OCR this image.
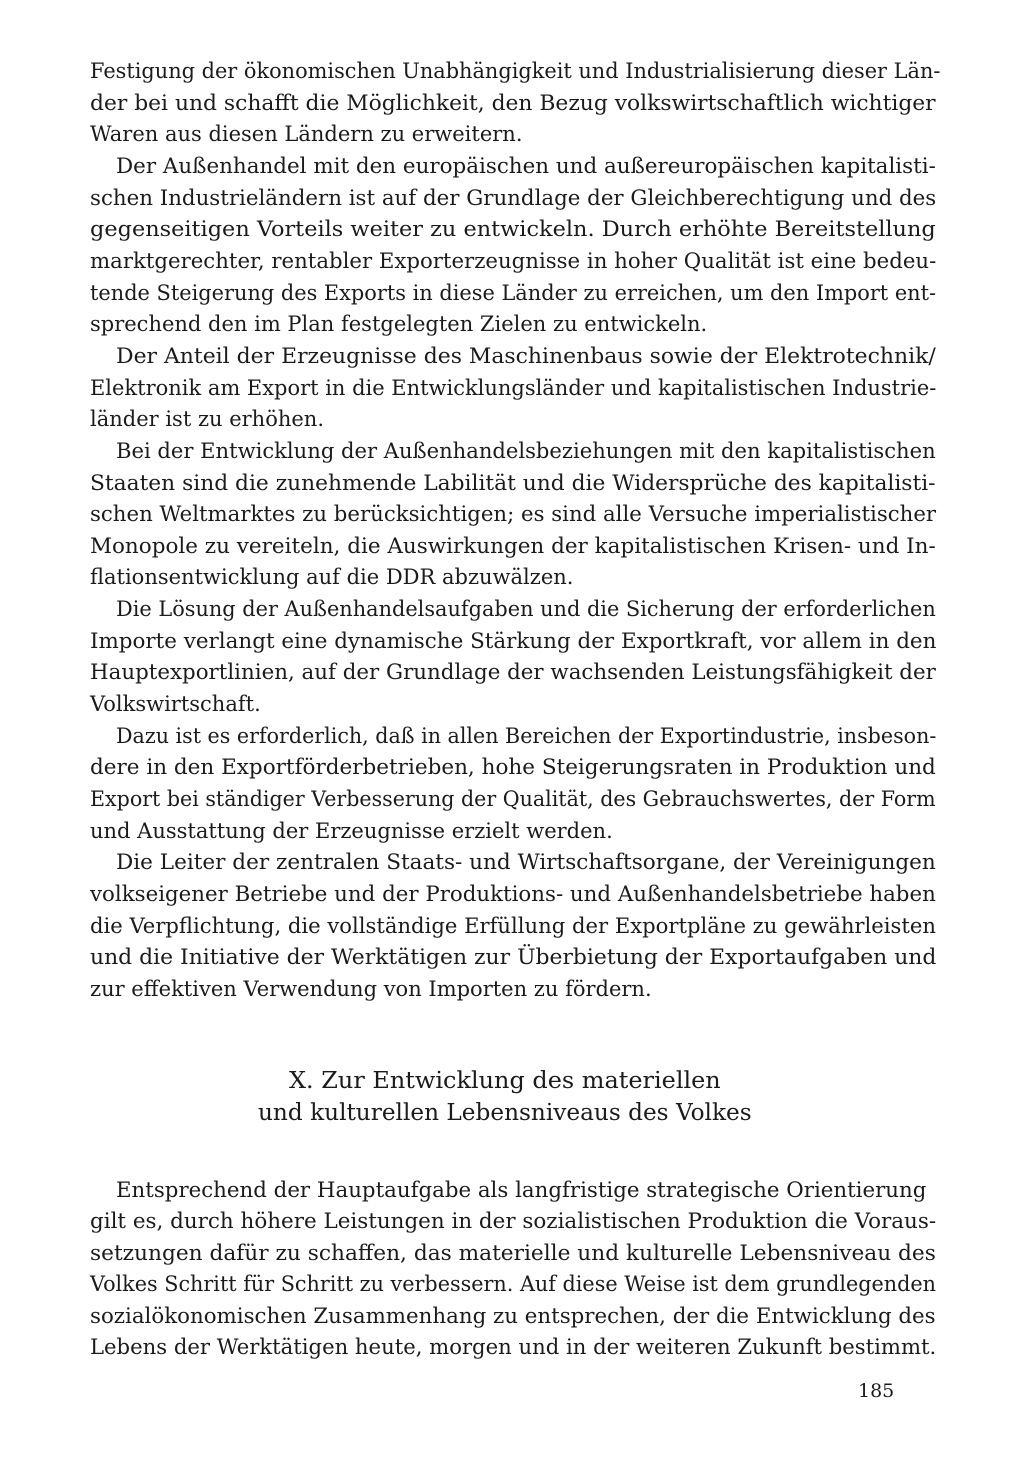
Festigung der ökonomischen Unabhängigkeit und Industrialisierung dieser Län-
der bei und schafft die Möglichkeit, den Bezug volkswirtschaftlich wichtiger
Waren aus diesen Ländern zu erweitern.
Der Außenhandel mit den europäischen und außereuropäischen kapitalisti-
schen Industrieländern ist auf der Grundlage der Gleichberechtigung und des
gegenseitigen Vorteils weiter zu entwickeln. Durch erhöhte Bereitstellung
marktgerechter, rentabler Exporterzeugnisse in hoher Qualität ist eine bedeu-
tende Steigerung des Exports in diese Länder zu erreichen, um den Import ent-
sprechend den im Plan festgelegten Zielen zu entwickeln.
Der Anteil der Erzeugnisse des Maschinenbaus sowie der Elektrotechnik/
Elektronik am Export in die Entwicklungsländer und kapitalistischen Industrie-
länder ist zu erhöhen.
Bei der Entwicklung der Außenhandelsbeziehungen mit den kapitalistischen
Staaten sind die zunehmende Labilität und die Widersprüche des kapitalisti-
schen Weltmarktes zu berücksichtigen; es sind alle Versuche imperialistischer
Monopole zu vereiteln, die Auswirkungen der kapitalistischen Krisen- und In-
flationsentwicklung auf die DDR abzuwälzen.
Die Lösung der Außenhandelsaufgaben und die Sicherung der erforderlichen
Importe verlangt eine dynamische Stärkung der Exportkraft, vor allem in den
Hauptexportlinien, auf der Grundlage der wachsenden Leistungsfähigkeit der
Volkswirtschaft.
Dazu ist es erforderlich, daß in allen Bereichen der Exportindustrie, insbeson-
dere in den Exportförderbetrieben, hohe Steigerungsraten in Produktion und
Export bei ständiger Verbesserung der Qualität, des Gebrauchswertes, der Form
und Ausstattung der Erzeugnisse erzielt werden.
Die Leiter der zentralen Staats- und Wirtschaftsorgane, der Vereinigungen
volkseigener Betriebe und der Produktions- und Außenhandelsbetriebe haben
die Verpflichtung, die vollständige Erfüllung der Exportpläne zu gewährleisten
und die Initiative der Werktätigen zur Überbietung der Exportaufgaben und
zur effektiven Verwendung von Importen zu fördern.
X. Zur Entwicklung des materiellen
und kulturellen Lebensniveaus des Volkes
Entsprechend der Hauptaufgabe als langfristige strategische Orientierung
gilt es, durch höhere Leistungen in der sozialistischen Produktion die Voraus-
setzungen dafür zu schaffen, das materielle und kulturelle Lebensniveau des
Volkes Schritt für Schritt zu verbessern. Auf diese Weise ist dem grundlegenden
sozialökonomischen Zusammenhang zu entsprechen, der die Entwicklung des
Lebens der Werktätigen heute, morgen und in der weiteren Zukunft bestimmt.
185
